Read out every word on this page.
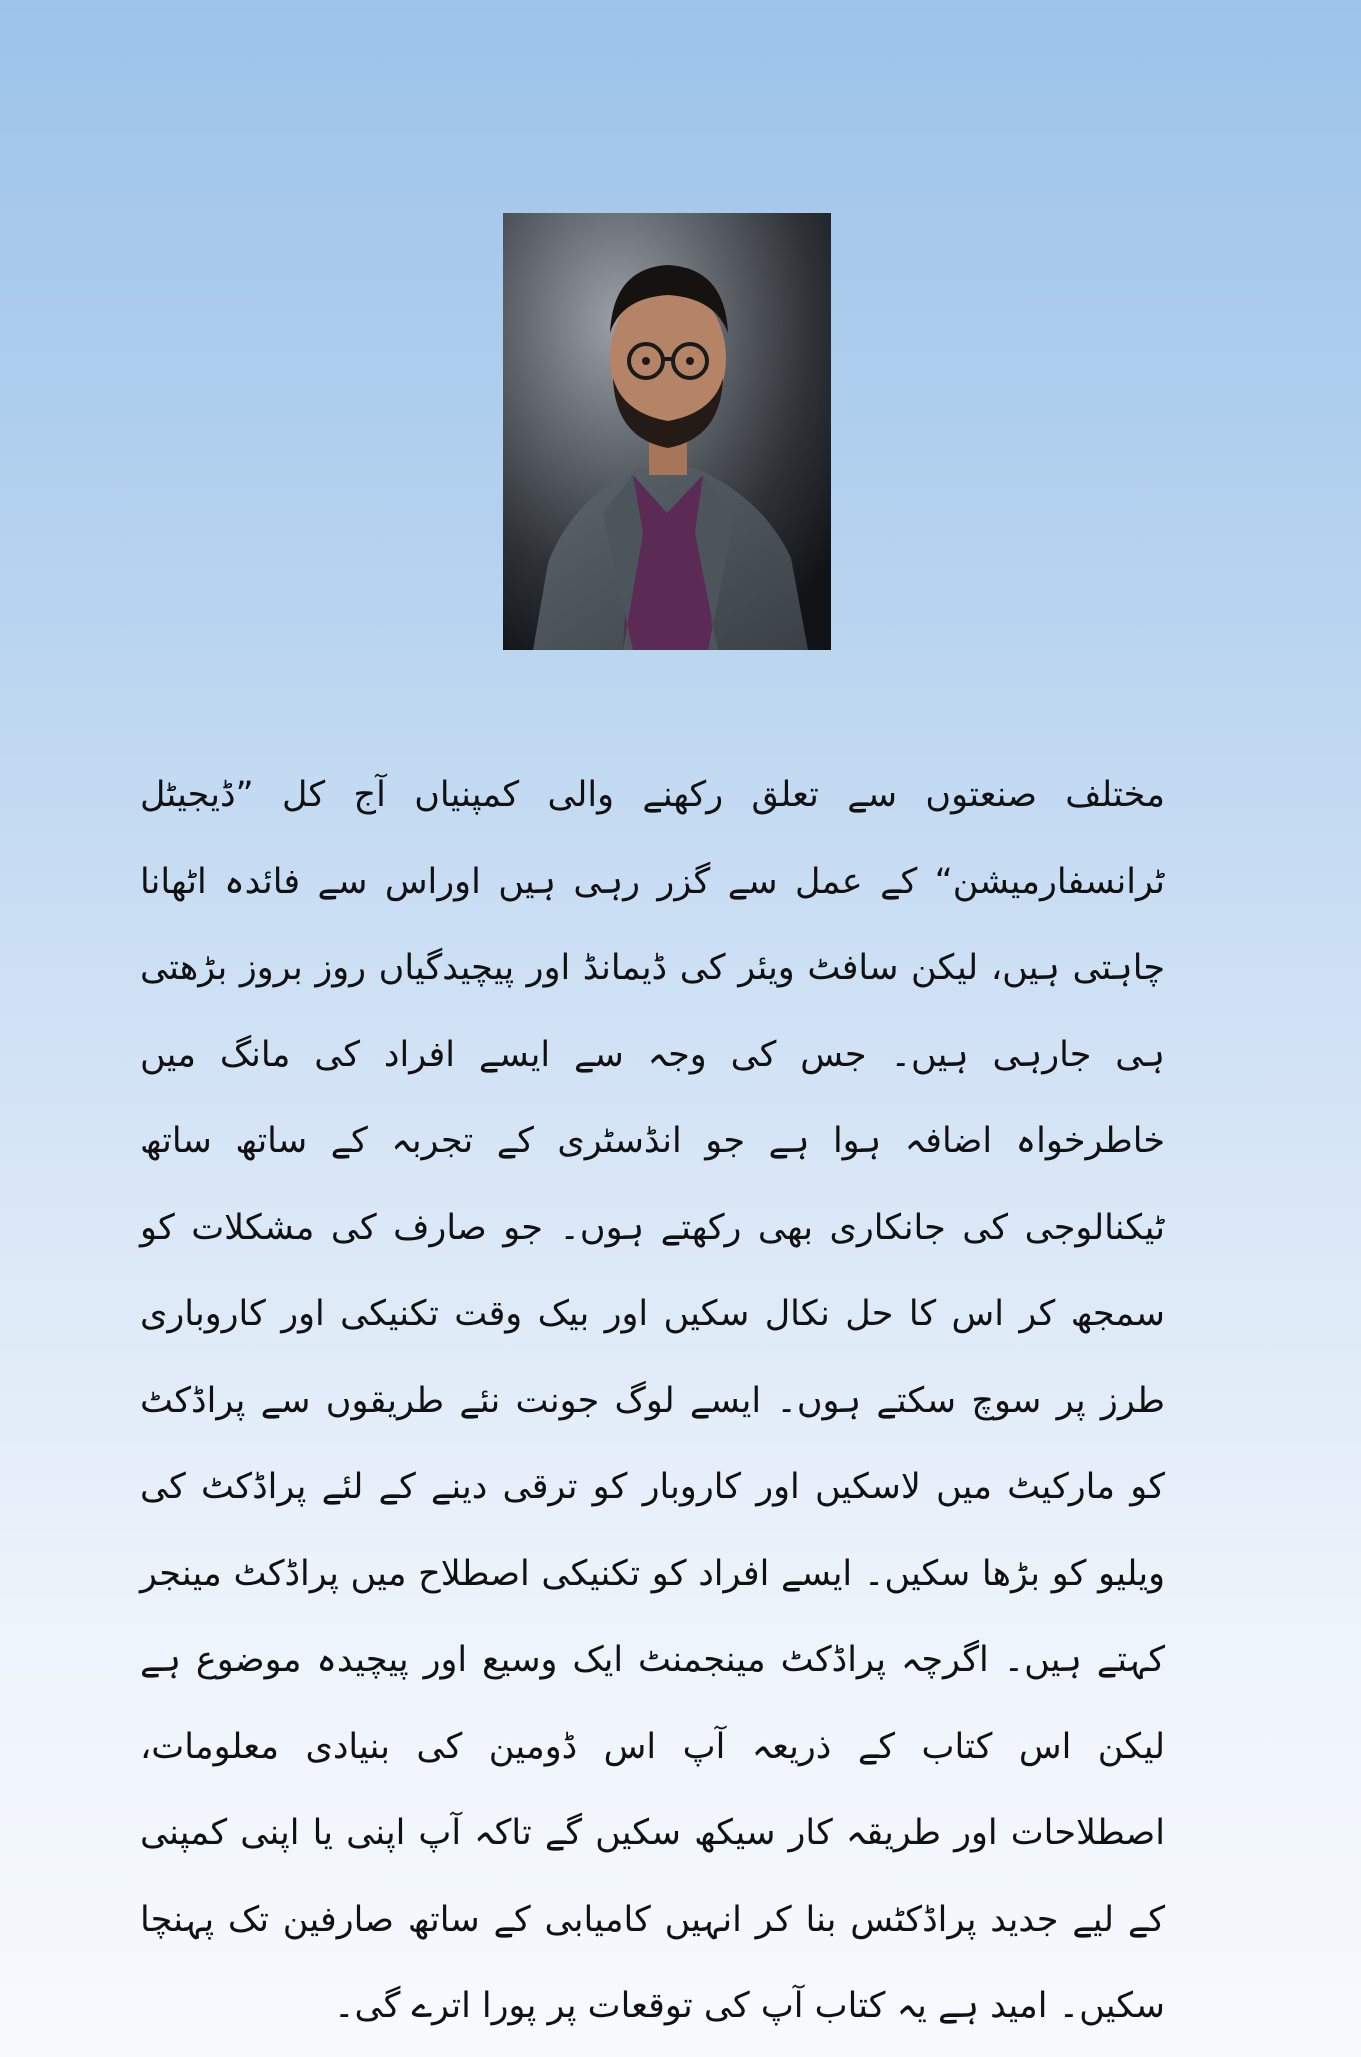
مختلف صنعتوں سے تعلق رکھنے والی کمپنیاں آج کل ”ڈیجیٹل ٹرانسفارمیشن“ کے عمل سے گزر رہی ہیں اوراس سے فائدہ اٹھانا چاہتی ہیں، لیکن سافٹ ویئر کی ڈیمانڈ اور پیچیدگیاں روز بروز بڑھتی ہی جارہی ہیں۔ جس کی وجہ سے ایسے افراد کی مانگ میں خاطرخواہ اضافہ ہوا ہے جو انڈسٹری کے تجربہ کے ساتھ ساتھ ٹیکنالوجی کی جانکاری بھی رکھتے ہوں۔ جو صارف کی مشکلات کو سمجھ کر اس کا حل نکال سکیں اور بیک وقت تکنیکی اور کاروباری طرز پر سوچ سکتے ہوں۔ ایسے لوگ جونت نئے طریقوں سے پراڈکٹ کو مارکیٹ میں لاسکیں اور کاروبار کو ترقی دینے کے لئے پراڈکٹ کی ویلیو کو بڑھا سکیں۔ ایسے افراد کو تکنیکی اصطلاح میں پراڈکٹ مینجر کہتے ہیں۔ اگرچہ پراڈکٹ مینجمنٹ ایک وسیع اور پیچیدہ موضوع ہے لیکن اس کتاب کے ذریعہ آپ اس ڈومین کی بنیادی معلومات، اصطلاحات اور طریقہ کار سیکھ سکیں گے تاکہ آپ اپنی یا اپنی کمپنی کے لیے جدید پراڈکٹس بنا کر انہیں کامیابی کے ساتھ صارفین تک پہنچا سکیں۔ امید ہے یہ کتاب آپ کی توقعات پر پورا اترے گی۔
